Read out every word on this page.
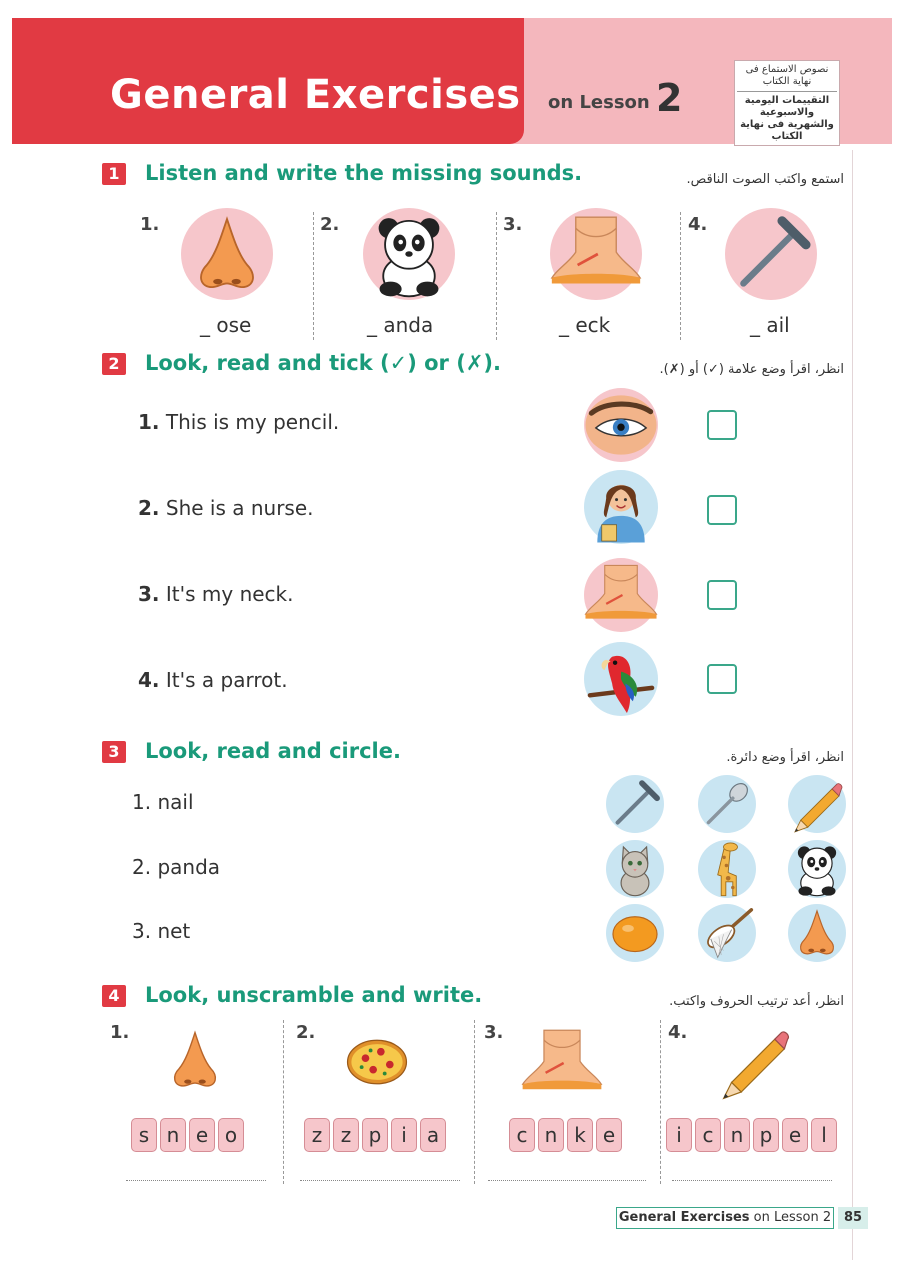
General Exercises on Lesson 2
نصوص الاستماع فى نهاية الكتاب
التقييمات اليومية والاسبوعية والشهرية فى نهاية الكتاب
1	Listen and write the missing sounds.	استمع واكتب الصوت الناقص.
1.
_ ose
2.
_ anda
3.
_ eck
4.
_ ail
2	Look, read and tick (✓) or (✗).	انظر، اقرأ وضع علامة (✓) أو (✗).
1. This is my pencil.
2. She is a nurse.
3. It's my neck.
4. It's a parrot.
3	Look, read and circle.	انظر، اقرأ وضع دائرة.
1. nail
2. panda
3. net
4	Look, unscramble and write.	انظر، أعد ترتيب الحروف واكتب.
1.
s n e o
2.
z z p i	a
3.
c n k e
4.
i	c n p e	l
General Exercises on Lesson 2 85
